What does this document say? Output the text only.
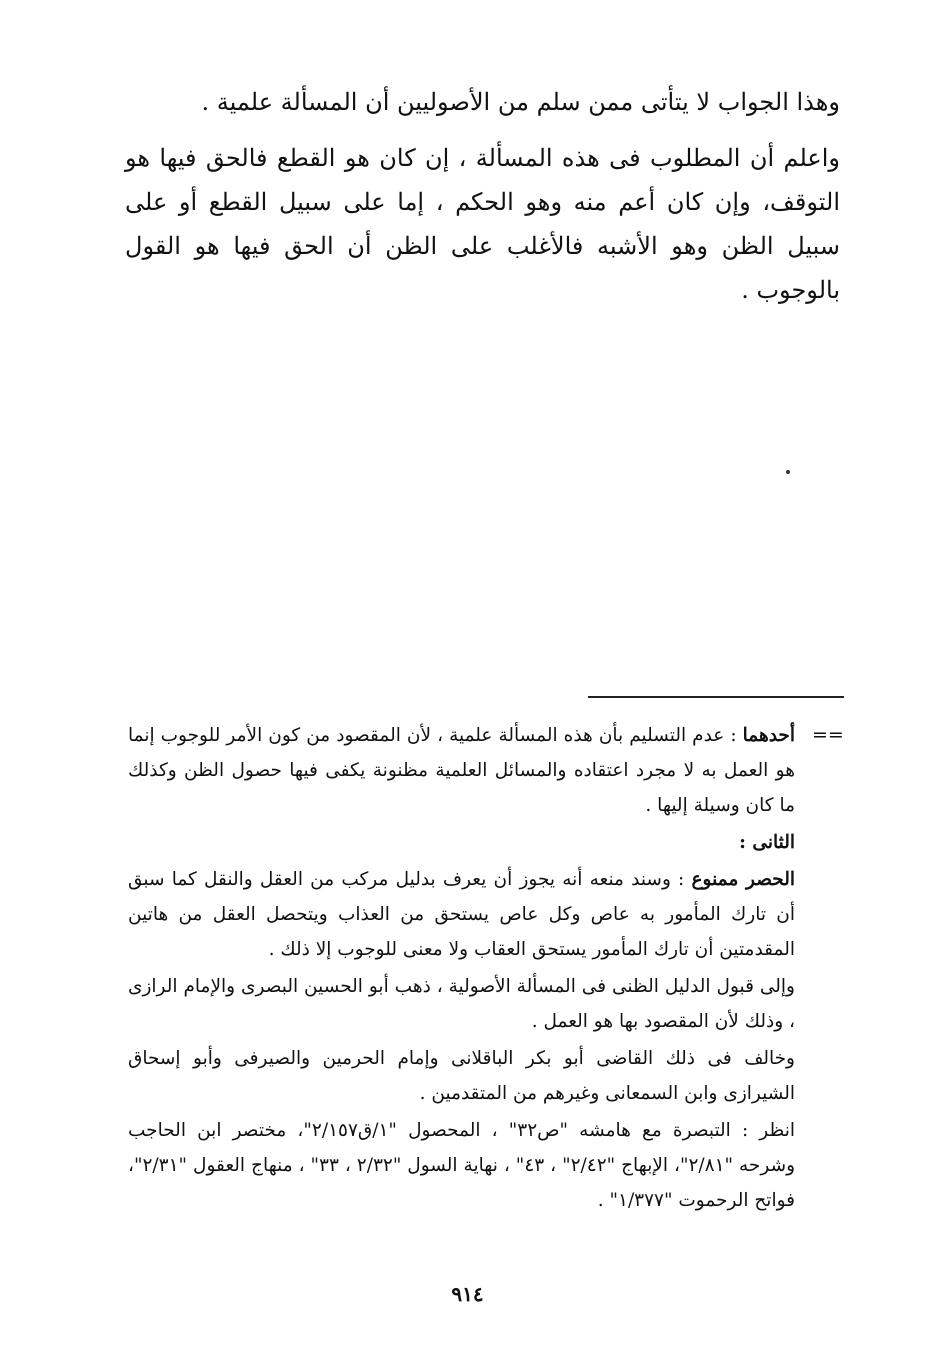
وهذا الجواب لا يتأتى ممن سلم من الأصوليين أن المسألة علمية .

واعلم أن المطلوب فى هذه المسألة ، إن كان هو القطع فالحق فيها هو التوقف، وإن كان أعم منه وهو الحكم ، إما على سبيل القطع أو على سبيل الظن وهو الأشبه فالأغلب على الظن أن الحق فيها هو القول بالوجوب .

==

أحدهما : عدم التسليم بأن هذه المسألة علمية ، لأن المقصود من كون الأمر للوجوب إنما هو العمل به لا مجرد اعتقاده والمسائل العلمية مظنونة يكفى فيها حصول الظن وكذلك ما كان وسيلة إليها .

الثانى :

الحصر ممنوع : وسند منعه أنه يجوز أن يعرف بدليل مركب من العقل والنقل كما سبق أن تارك المأمور به عاص وكل عاص يستحق من العذاب ويتحصل العقل من هاتين المقدمتين أن تارك المأمور يستحق العقاب ولا معنى للوجوب إلا ذلك .

وإلى قبول الدليل الظنى فى المسألة الأصولية ، ذهب أبو الحسين البصرى والإمام الرازى ، وذلك لأن المقصود بها هو العمل .

وخالف فى ذلك القاضى أبو بكر الباقلانى وإمام الحرمين والصيرفى وأبو إسحاق الشيرازى وابن السمعانى وغيرهم من المتقدمين .

انظر : التبصرة مع هامشه "ص٣٢" ، المحصول "١/ق٢/١٥٧"، مختصر ابن الحاجب وشرحه "٢/٨١"، الإبهاج "٢/٤٢" ، ٤٣" ، نهاية السول "٢/٣٢ ، ٣٣" ، منهاج العقول "٢/٣١"، فواتح الرحموت "١/٣٧٧" .

٩١٤
